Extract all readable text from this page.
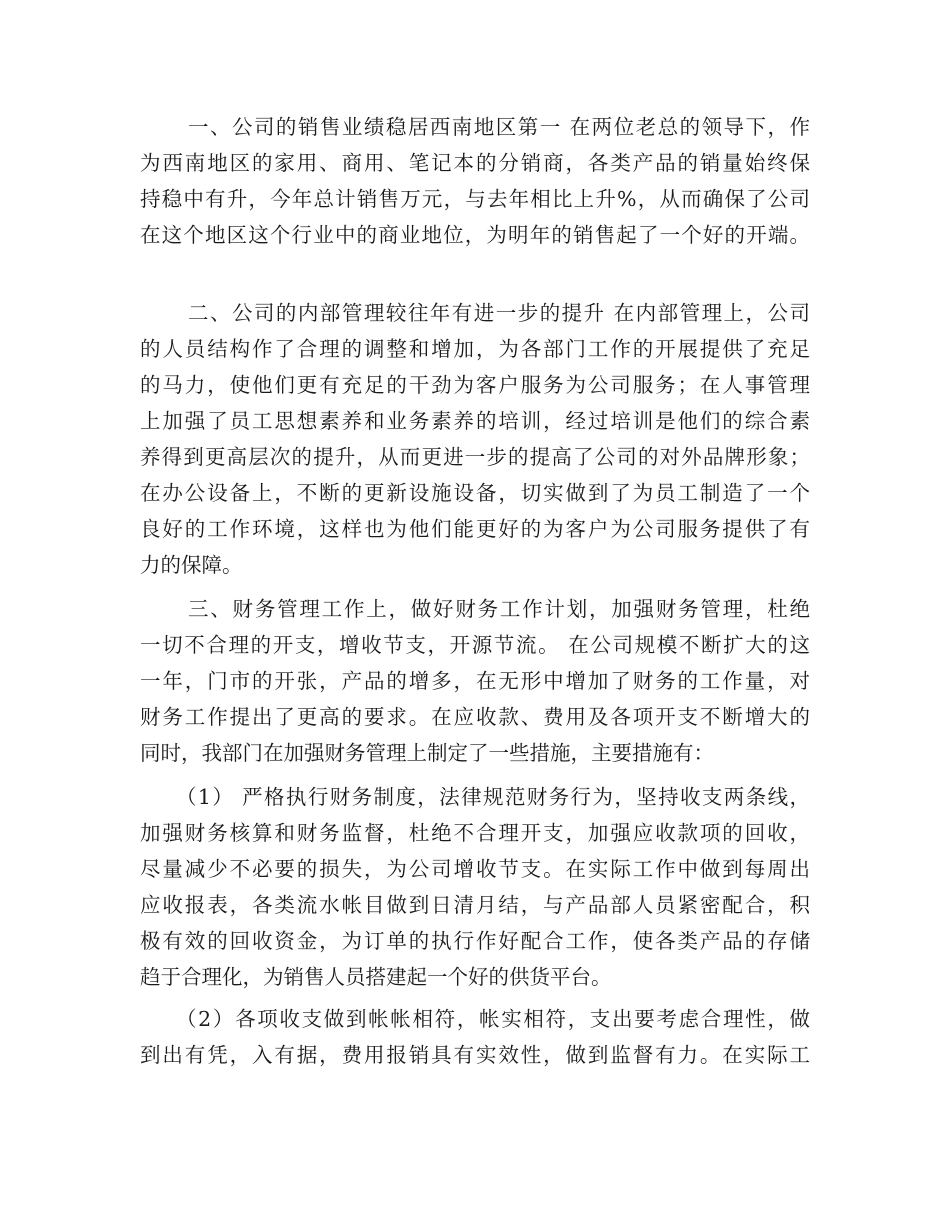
一、公司的销售业绩稳居西南地区第一 在两位老总的领导下，作

为西南地区的家用、商用、笔记本的分销商，各类产品的销量始终保

持稳中有升，今年总计销售万元，与去年相比上升%，从而确保了公司

在这个地区这个行业中的商业地位，为明年的销售起了一个好的开端。

二、公司的内部管理较往年有进一步的提升 在内部管理上，公司

的人员结构作了合理的调整和增加，为各部门工作的开展提供了充足

的马力，使他们更有充足的干劲为客户服务为公司服务；在人事管理

上加强了员工思想素养和业务素养的培训，经过培训是他们的综合素

养得到更高层次的提升，从而更进一步的提高了公司的对外品牌形象；

在办公设备上，不断的更新设施设备，切实做到了为员工制造了一个

良好的工作环境，这样也为他们能更好的为客户为公司服务提供了有

力的保障。

三、财务管理工作上，做好财务工作计划，加强财务管理，杜绝

一切不合理的开支，增收节支，开源节流。 在公司规模不断扩大的这

一年，门市的开张，产品的增多，在无形中增加了财务的工作量，对

财务工作提出了更高的要求。在应收款、费用及各项开支不断增大的

同时，我部门在加强财务管理上制定了一些措施，主要措施有：

（1） 严格执行财务制度，法律规范财务行为，坚持收支两条线，

加强财务核算和财务监督，杜绝不合理开支，加强应收款项的回收，

尽量减少不必要的损失，为公司增收节支。在实际工作中做到每周出

应收报表，各类流水帐目做到日清月结，与产品部人员紧密配合，积

极有效的回收资金，为订单的执行作好配合工作，使各类产品的存储

趋于合理化，为销售人员搭建起一个好的供货平台。

（2）各项收支做到帐帐相符，帐实相符，支出要考虑合理性，做

到出有凭，入有据，费用报销具有实效性，做到监督有力。在实际工
